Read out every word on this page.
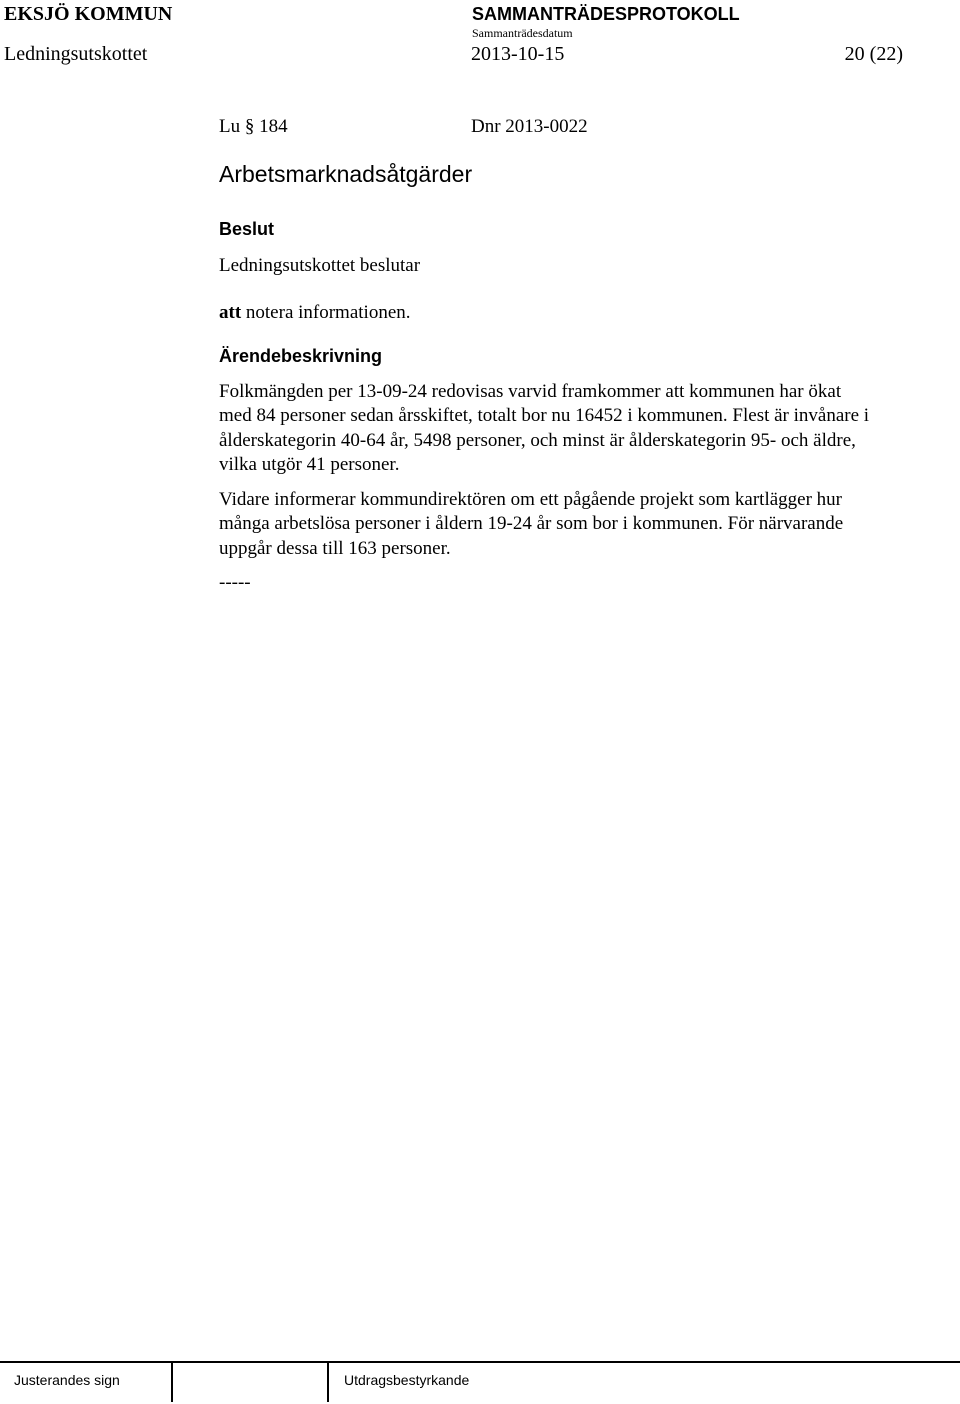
EKSJÖ KOMMUN	SAMMANTRÄDESPROTOKOLL
Sammanträdesdatum
Ledningsutskottet	2013-10-15	20 (22)
Lu § 184	Dnr 2013-0022
Arbetsmarknadsåtgärder
Beslut
Ledningsutskottet beslutar
att notera informationen.
Ärendebeskrivning
Folkmängden per 13-09-24 redovisas varvid framkommer att kommunen har ökat
med 84 personer sedan årsskiftet, totalt bor nu 16452 i kommunen. Flest är invånare i
ålderskategorin 40-64 år, 5498 personer, och minst är ålderskategorin 95- och äldre,
vilka utgör 41 personer.
Vidare informerar kommundirektören om ett pågående projekt som kartlägger hur
många arbetslösa personer i åldern 19-24 år som bor i kommunen. För närvarande
uppgår dessa till 163 personer.
-----
Justerandes sign	Utdragsbestyrkande
